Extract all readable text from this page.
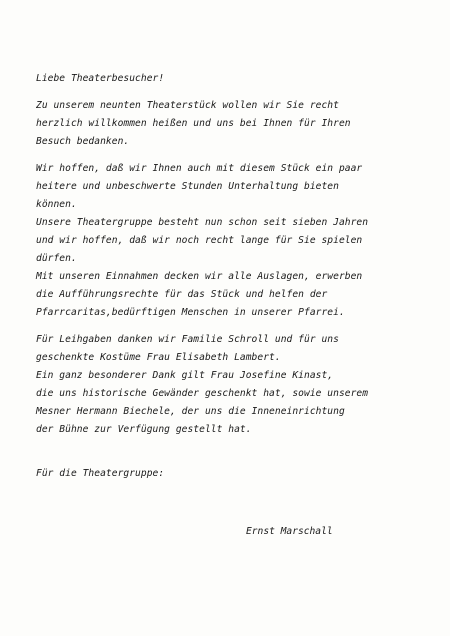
Liebe Theaterbesucher!
Zu unserem neunten Theaterstück wollen wir Sie recht
herzlich willkommen heißen und uns bei Ihnen für Ihren
Besuch bedanken.
Wir hoffen, daß wir Ihnen auch mit diesem Stück ein paar
heitere und unbeschwerte Stunden Unterhaltung bieten
können.
Unsere Theatergruppe besteht nun schon seit sieben Jahren
und wir hoffen, daß wir noch recht lange für Sie spielen
dürfen.
Mit unseren Einnahmen decken wir alle Auslagen, erwerben
die Aufführungsrechte für das Stück und helfen der
Pfarrcaritas,bedürftigen Menschen in unserer Pfarrei.
Für Leihgaben danken wir Familie Schroll und für uns
geschenkte Kostüme Frau Elisabeth Lambert.
Ein ganz besonderer Dank gilt Frau Josefine Kinast,
die uns historische Gewänder geschenkt hat, sowie unserem
Mesner Hermann Biechele, der uns die Inneneinrichtung
der Bühne zur Verfügung gestellt hat.
Für die Theatergruppe:
Ernst Marschall
